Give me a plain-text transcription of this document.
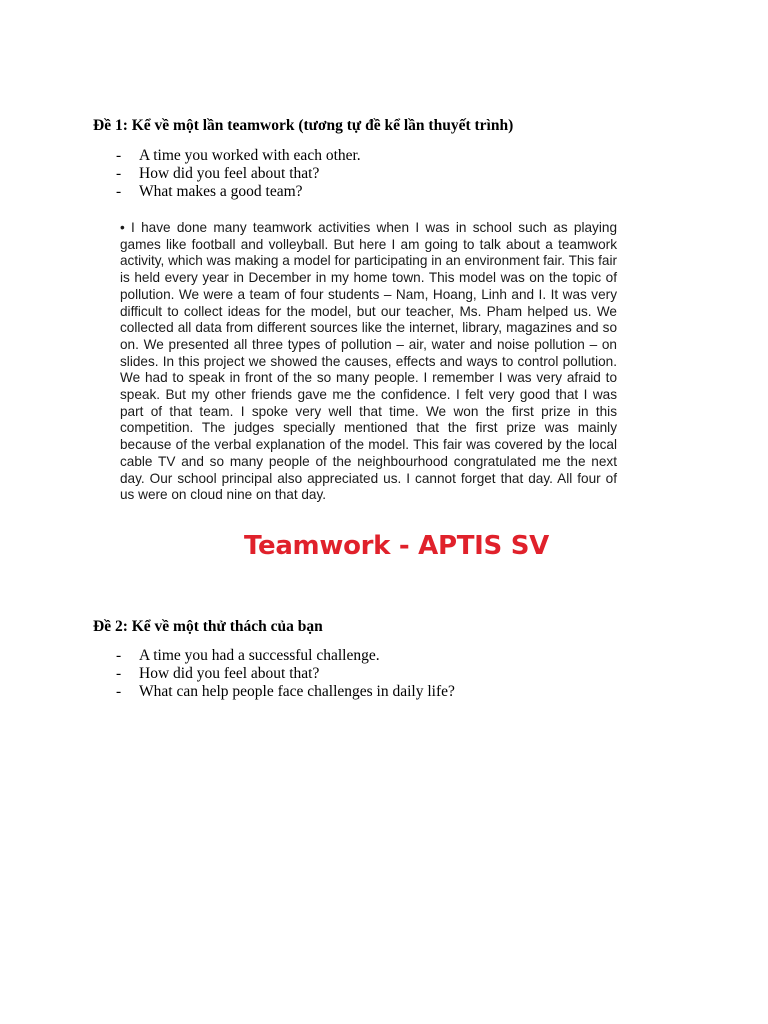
Đề 1: Kể về một lần teamwork (tương tự đề kể lần thuyết trình)
-	A time you worked with each other.
-	How did you feel about that?
-	What makes a good team?

• I have done many teamwork activities when I was in school such as playing games like football and volleyball. But here I am going to talk about a teamwork activity, which was making a model for participating in an environment fair. This fair is held every year in December in my home town. This model was on the topic of pollution. We were a team of four students – Nam, Hoang, Linh and I. It was very difficult to collect ideas for the model, but our teacher, Ms. Pham helped us. We collected all data from different sources like the internet, library, magazines and so on. We presented all three types of pollution – air, water and noise pollution – on slides. In this project we showed the causes, effects and ways to control pollution. We had to speak in front of the so many people. I remember I was very afraid to speak. But my other friends gave me the confidence. I felt very good that I was part of that team. I spoke very well that time. We won the first prize in this competition. The judges specially mentioned that the first prize was mainly because of the verbal explanation of the model. This fair was covered by the local cable TV and so many people of the neighbourhood congratulated me the next day. Our school principal also appreciated us. I cannot forget that day. All four of us were on cloud nine on that day.

Teamwork - APTIS SV
Đề 2: Kể về một thử thách của bạn
-	A time you had a successful challenge.
-	How did you feel about that?
-	What can help people face challenges in daily life?
